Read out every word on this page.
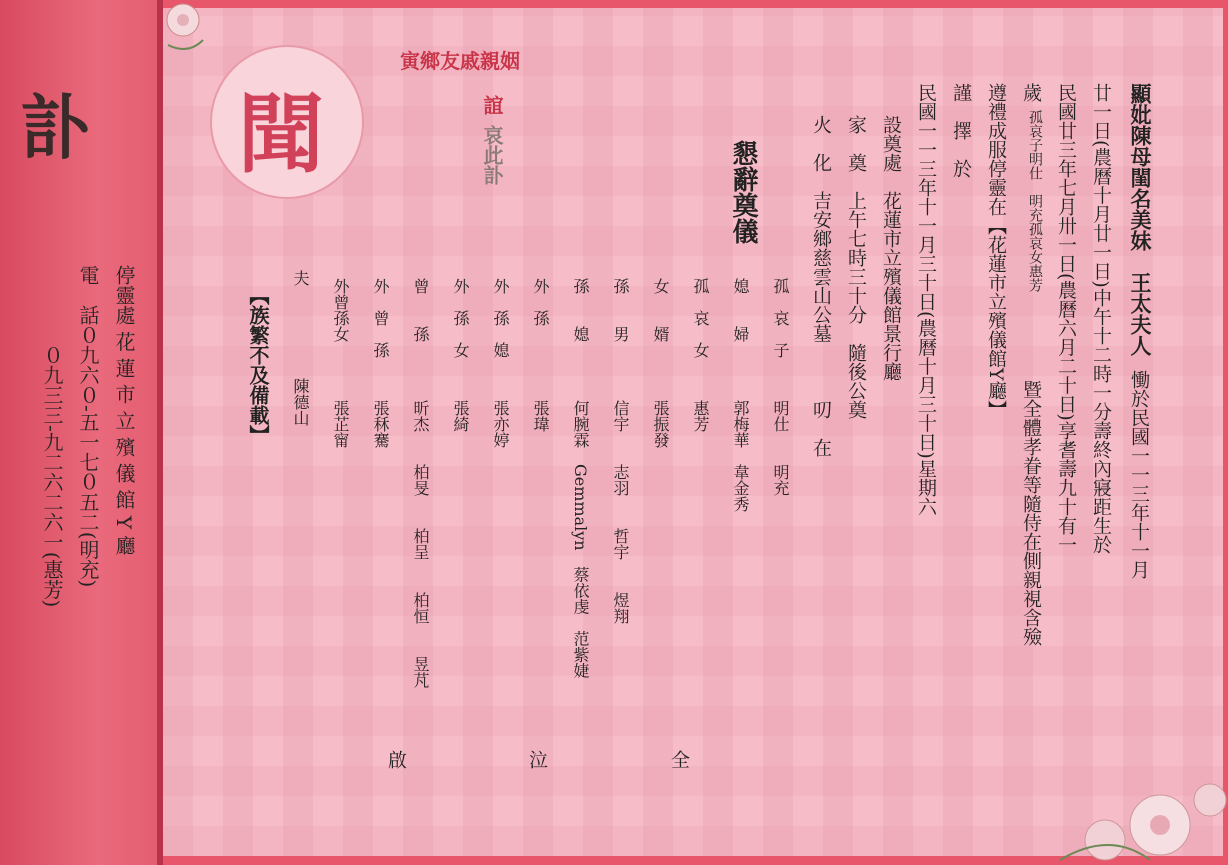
訃
停靈處 花 蓮 市 立 殯 儀 館 Y 廳
電　話
０九六０-五一七０五二(明充)
０九三三-九二六二六一(惠芳)
聞
寅鄉友戚親姻
誼
哀此訃	顯妣陳母閨名美妹　王太夫人
慟於民國一一三年十一月
廿一日(農曆十月廿一日)中午十二時一分壽終內寢距生於
民國廿三年七月卅一日(農曆六月二十日)享耆壽九十有一
歲
孤哀子明仕　明充孤哀女惠芳
暨全體孝眷等隨侍在側親視含殮
遵禮成服停靈在【花蓮市立殯儀館Y廳】
謹　擇　於
民國一一三年十一月三十日(農曆十月三十日)星期六
設奠處　花蓮市立殯儀館景行廳
家　奠　上午七時三十分　隨後公奠
火　化　吉安鄉慈雲山公墓　　　叨　在
懇辭奠儀
孤　哀　子
明仕　　明充
媳　　婦
郭梅華　韋金秀
孤　哀　女
惠芳
女　　婿
張振發
孫　　男
信宇　　志羽　　哲宇　　煜翔
孫　　媳
何腕霖　Gemmalyn　蔡依虔　范紫婕
外　孫
張瑋
外　孫　媳
張亦婷
外　孫　女
張綺
曾　　孫
昕杰　　柏旻　　柏呈　　柏恒　　昱芃
外　曾　孫
張秝騫
外曾孫女
張芷甯
夫
陳德山
全
泣
啟
【族繁不及備載】
